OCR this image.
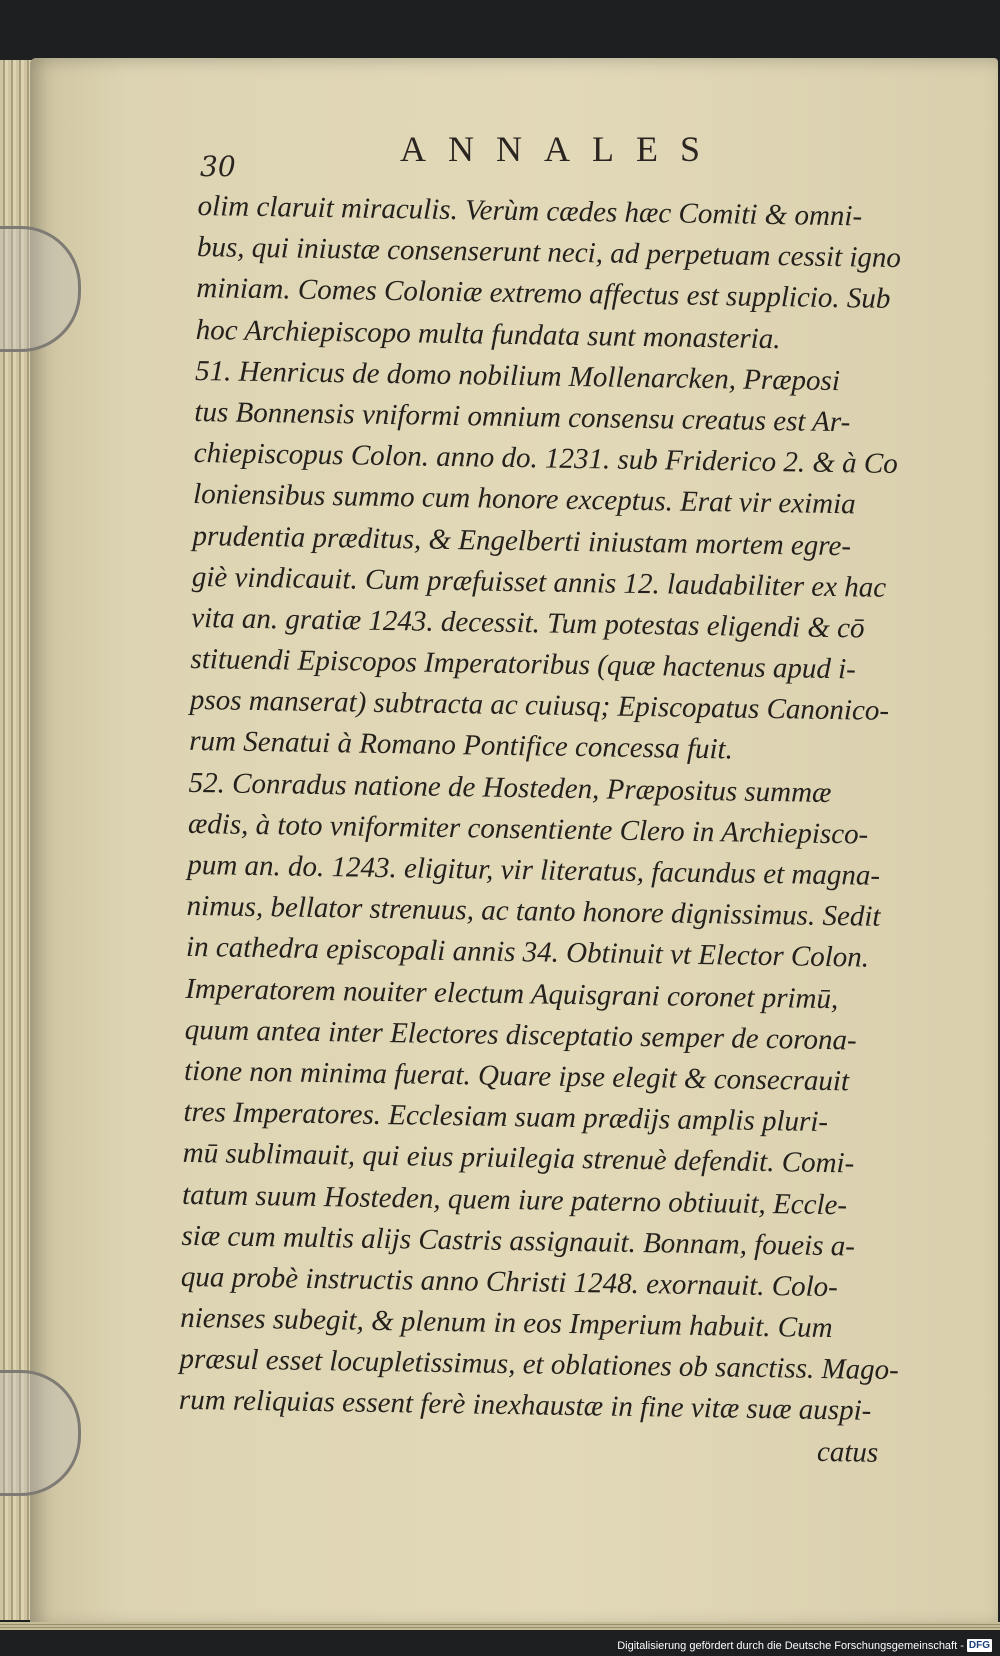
30	ANNALES
olim claruit miraculis. Verùm cædes hæc Comiti & omni-
bus, qui iniustæ consenserunt neci, ad perpetuam cessit igno
miniam. Comes Coloniæ extremo affectus est supplicio. Sub
hoc Archiepiscopo multa fundata sunt monasteria.
51. Henricus de domo nobilium Mollenarcken, Præposi
tus Bonnensis vniformi omnium consensu creatus est Ar-
chiepiscopus Colon. anno do. 1231. sub Friderico 2. & à Co
loniensibus summo cum honore exceptus. Erat vir eximia
prudentia præditus, & Engelberti iniustam mortem egre-
giè vindicauit. Cum præfuisset annis 12. laudabiliter ex hac
vita an. gratiæ 1243. decessit. Tum potestas eligendi & cō
stituendi Episcopos Imperatoribus (quæ hactenus apud i-
psos manserat) subtracta ac cuiusq; Episcopatus Canonico-
rum Senatui à Romano Pontifice concessa fuit.
52. Conradus natione de Hosteden, Præpositus summæ
ædis, à toto vniformiter consentiente Clero in Archiepisco-
pum an. do. 1243. eligitur, vir literatus, facundus et magna-
nimus, bellator strenuus, ac tanto honore dignissimus. Sedit
in cathedra episcopali annis 34. Obtinuit vt Elector Colon.
Imperatorem nouiter electum Aquisgrani coronet primū,
quum antea inter Electores disceptatio semper de corona-
tione non minima fuerat. Quare ipse elegit & consecrauit
tres Imperatores. Ecclesiam suam prædijs amplis pluri-
mū sublimauit, qui eius priuilegia strenuè defendit. Comi-
tatum suum Hosteden, quem iure paterno obtiuuit, Eccle-
siæ cum multis alijs Castris assignauit. Bonnam, foueis a-
qua probè instructis anno Christi 1248. exornauit. Colo-
nienses subegit, & plenum in eos Imperium habuit. Cum
præsul esset locupletissimus, et oblationes ob sanctiss. Mago-
rum reliquias essent ferè inexhaustæ in fine vitæ suæ auspi-
catus
Digitalisierung gefördert durch die Deutsche Forschungsgemeinschaft - DFG
